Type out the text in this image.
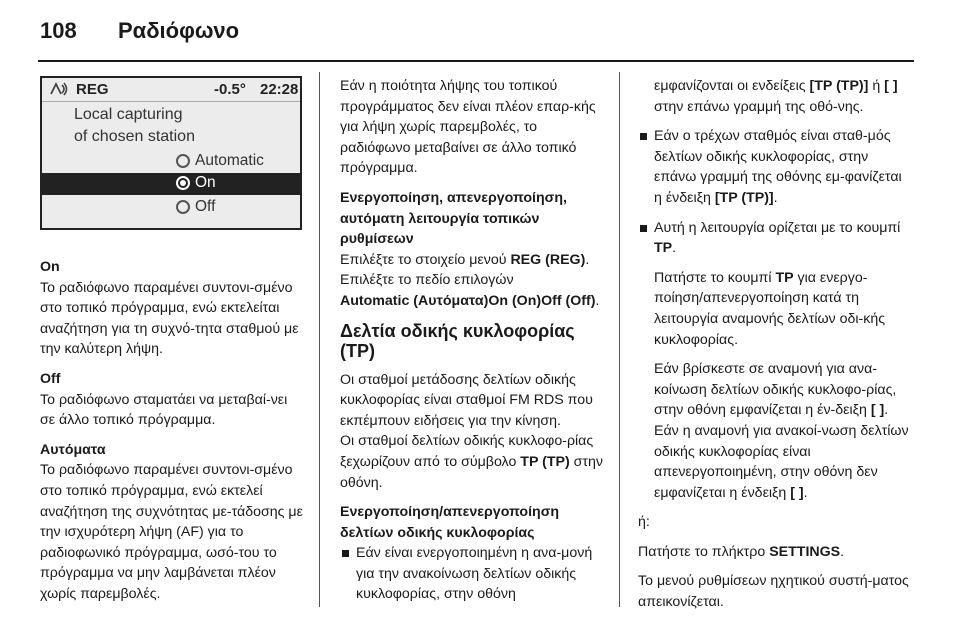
108 Ραδιόφωνο
REG	-0.5° 22:28
Local capturing
of chosen station
Automatic
On
Off

On

Το ραδιόφωνο παραμένει συντονι-σμένο στο τοπικό πρόγραμμα, ενώ εκτελείται αναζήτηση για τη συχνό-τητα σταθμού με την καλύτερη λήψη.

Off

Το ραδιόφωνο σταματάει να μεταβαί-νει σε άλλο τοπικό πρόγραμμα.

Αυτόματα

Το ραδιόφωνο παραμένει συντονι-σμένο στο τοπικό πρόγραμμα, ενώ εκτελεί αναζήτηση της συχνότητας με-τάδοσης με την ισχυρότερη λήψη (AF) για το ραδιοφωνικό πρόγραμμα, ωσό-του το πρόγραμμα να μην λαμβάνεται πλέον χωρίς παρεμβολές.

Εάν η ποιότητα λήψης του τοπικού προγράμματος δεν είναι πλέον επαρ-κής για λήψη χωρίς παρεμβολές, το ραδιόφωνο μεταβαίνει σε άλλο τοπικό πρόγραμμα.

Ενεργοποίηση, απενεργοποίηση, αυτόματη λειτουργία τοπικών ρυθμίσεων

Επιλέξτε το στοιχείο μενού REG (REG).

Επιλέξτε το πεδίο επιλογών
Automatic (Αυτόματα)On (On)Off (Off).

Δελτία οδικής κυκλοφορίας (TP)

Οι σταθμοί μετάδοσης δελτίων οδικής κυκλοφορίας είναι σταθμοί FM RDS που εκπέμπουν ειδήσεις για την κίνηση.

Οι σταθμοί δελτίων οδικής κυκλοφο-ρίας ξεχωρίζουν από το σύμβολο TP (TP) στην οθόνη.

Ενεργοποίηση/απενεργοποίηση δελτίων οδικής κυκλοφορίας

Εάν είναι ενεργοποιημένη η ανα-μονή για την ανακοίνωση δελτίων οδικής κυκλοφορίας, στην οθόνη

εμφανίζονται οι ενδείξεις [TP (TP)] ή [ ] στην επάνω γραμμή της οθό-νης.

Εάν ο τρέχων σταθμός είναι σταθ-μός δελτίων οδικής κυκλοφορίας, στην επάνω γραμμή της οθόνης εμ-φανίζεται η ένδειξη [TP (TP)].
Αυτή η λειτουργία ορίζεται με το κουμπί TP.

Πατήστε το κουμπί TP για ενεργο-ποίηση/απενεργοποίηση κατά τη λειτουργία αναμονής δελτίων οδι-κής κυκλοφορίας.

Εάν βρίσκεστε σε αναμονή για ανα-κοίνωση δελτίων οδικής κυκλοφο-ρίας, στην οθόνη εμφανίζεται η έν-δειξη [ ]. Εάν η αναμονή για ανακοί-νωση δελτίων οδικής κυκλοφορίας είναι απενεργοποιημένη, στην οθόνη δεν εμφανίζεται η ένδειξη [ ].

ή:

Πατήστε το πλήκτρο SETTINGS.

Το μενού ρυθμίσεων ηχητικού συστή-ματος απεικονίζεται.
